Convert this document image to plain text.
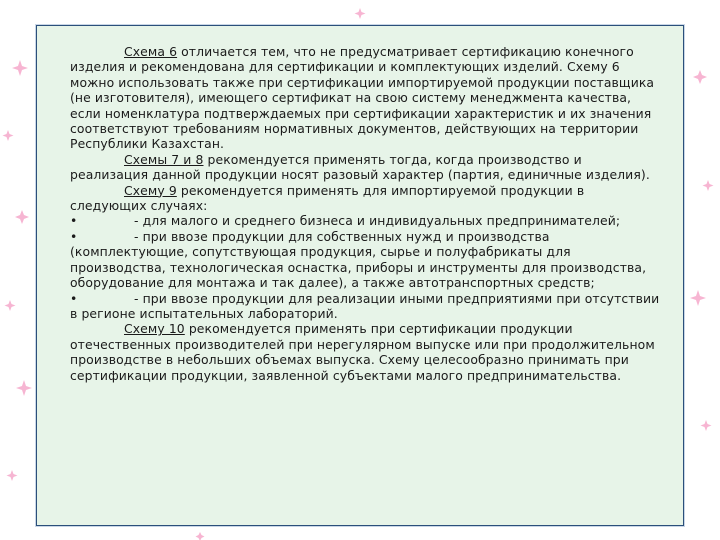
Схема 6 отличается тем, что не предусматривает сертификацию конечного изделия и рекомендована для сертификации и комплектующих изделий. Схему 6 можно использовать также при сертификации импортируемой продукции поставщика (не изготовителя), имеющего сертификат на свою систему менеджмента качества, если номенклатура подтверждаемых при сертификации характеристик и их значения соответствуют требованиям нормативных документов, действующих на территории Республики Казахстан.

Схемы 7 и 8 рекомендуется применять тогда, когда производство и реализация данной продукции носят разовый характер (партия, единичные изделия).

Схему 9 рекомендуется применять для импортируемой продукции в следующих случаях:

•	- для малого и среднего бизнеса и индивидуальных предпринимателей;

•	- при ввозе продукции для собственных нужд и производства (комплектующие, сопутствующая продукция, сырье и полуфабрикаты для производства, технологическая оснастка, приборы и инструменты для производства, оборудование для монтажа и так далее), а также автотранспортных средств;

•	- при ввозе продукции для реализации иными предприятиями при отсутствии в регионе испытательных лабораторий.

Схему 10 рекомендуется применять при сертификации продукции отечественных производителей при нерегулярном выпуске или при продолжительном производстве в небольших объемах выпуска. Схему целесообразно принимать при сертификации продукции, заявленной субъектами малого предпринимательства.
